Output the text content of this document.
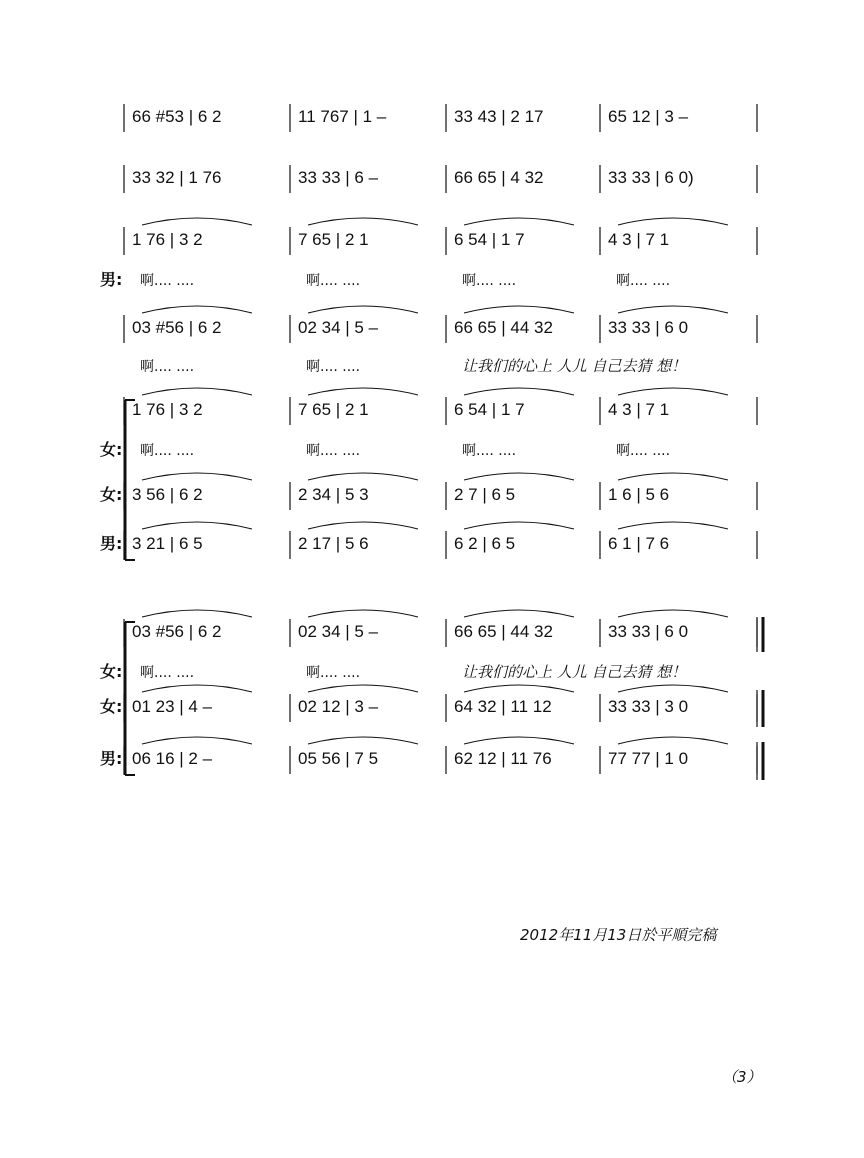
66 #53 | 6 2	11 767 | 1 –	33 43 | 2 17	65 12 | 3 –
33 32 | 1 76	33 33 | 6 –	66 65 | 4 32	33 33 | 6 0)
1 76 | 3 2	7 65 | 2 1	6 54 | 1 7	4 3 | 7 1
男: 啊.... ....	啊.... ....	啊.... ....	啊.... ....
03 #56 | 6 2	02 34 | 5 –	66 65 | 44 32	33 33 | 6 0
啊.... ....	啊.... ....	让我们的心上 人儿 自己去猜 想！
1 76 | 3 2	7 65 | 2 1	6 54 | 1 7	4 3 | 7 1
女: 啊.... ....	啊.... ....	啊.... ....	啊.... ....
女: 3 56 | 6 2	2 34 | 5 3	2 7 | 6 5	1 6 | 5 6
男: 3 21 | 6 5	2 17 | 5 6	6 2 | 6 5	6 1 | 7 6
03 #56 | 6 2	02 34 | 5 –	66 65 | 44 32	33 33 | 6 0
女: 啊.... ....	啊.... ....	让我们的心上 人儿 自己去猜 想！
女: 01 23 | 4 –	02 12 | 3 –	64 32 | 11 12	33 33 | 3 0
男: 06 16 | 2 –	05 56 | 7 5	62 12 | 11 76	77 77 | 1 0
2012年11月13日於平順完稿
（3）
